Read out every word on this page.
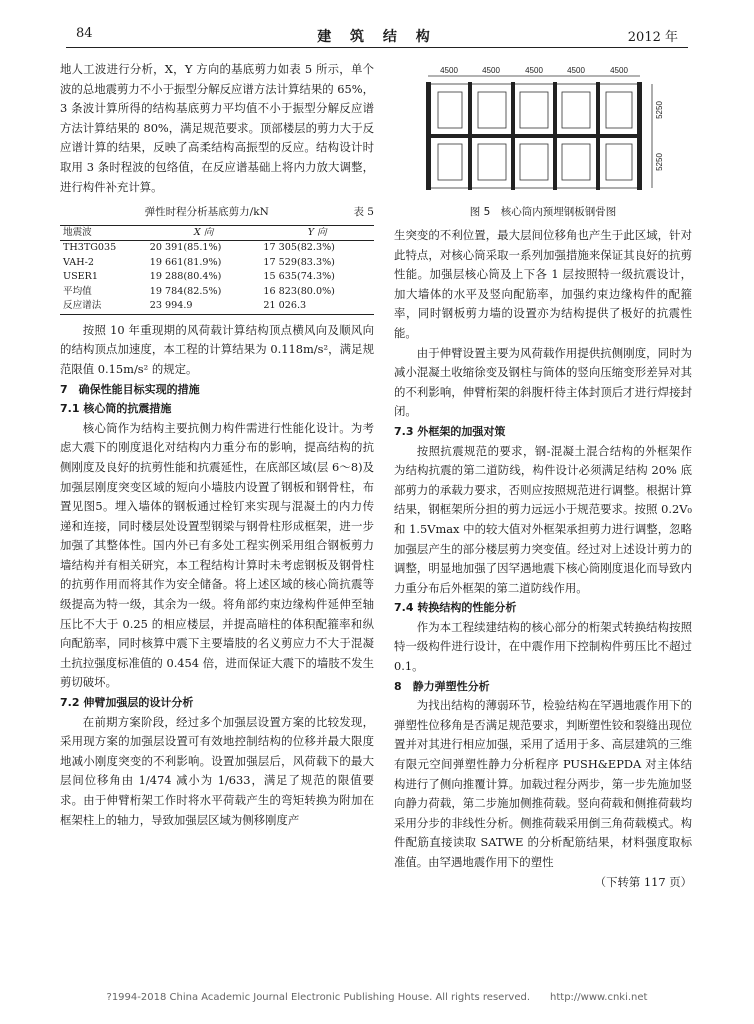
84	建 筑 结 构	2012 年

地人工波进行分析，X，Y 方向的基底剪力如表 5 所示，单个波的总地震剪力不小于振型分解反应谱方法计算结果的 65%，3 条波计算所得的结构基底剪力平均值不小于振型分解反应谱方法计算结果的 80%，满足规范要求。顶部楼层的剪力大于反应谱计算的结果，反映了高柔结构高振型的反应。结构设计时取用 3 条时程波的包络值，在反应谱基础上将内力放大调整，进行构件补充计算。

弹性时程分析基底剪力/kN	表 5
地震波	X 向	Y 向
TH3TG035	20 391(85.1%)	17 305(82.3%)
VAH-2	19 661(81.9%)	17 529(83.3%)
USER1	19 288(80.4%)	15 635(74.3%)
平均值	19 784(82.5%)	16 823(80.0%)
反应谱法	23 994.9	21 026.3

按照 10 年重现期的风荷载计算结构顶点横风向及顺风向的结构顶点加速度，本工程的计算结果为 0.118m/s²，满足规范限值 0.15m/s² 的规定。

7　确保性能目标实现的措施

7.1 核心筒的抗震措施

核心筒作为结构主要抗侧力构件需进行性能化设计。为考虑大震下的刚度退化对结构内力重分布的影响，提高结构的抗侧刚度及良好的抗剪性能和抗震延性，在底部区域(层 6～8)及加强层刚度突变区域的短向小墙肢内设置了钢板和钢骨柱，布置见图5。埋入墙体的钢板通过栓钉来实现与混凝土的内力传递和连接，同时楼层处设置型钢梁与钢骨柱形成框架，进一步加强了其整体性。国内外已有多处工程实例采用组合钢板剪力墙结构并有相关研究，本工程结构计算时未考虑钢板及钢骨柱的抗剪作用而将其作为安全储备。将上述区域的核心筒抗震等级提高为特一级，其余为一级。将角部约束边缘构件延伸至轴压比不大于 0.25 的相应楼层，并提高暗柱的体积配箍率和纵向配筋率，同时核算中震下主要墙肢的名义剪应力不大于混凝土抗拉强度标准值的 0.454 倍，进而保证大震下的墙肢不发生剪切破坏。

7.2 伸臂加强层的设计分析

在前期方案阶段，经过多个加强层设置方案的比较发现，采用现方案的加强层设置可有效地控制结构的位移并最大限度地减小刚度突变的不利影响。设置加强层后，风荷载下的最大层间位移角由 1/474 减小为 1/633，满足了规范的限值要求。由于伸臂桁架工作时将水平荷载产生的弯矩转换为附加在框架柱上的轴力，导致加强层区域为侧移刚度产

4500	4500	4500	4500	4500
5250
5250
图 5　核心筒内预埋钢板钢骨图

生突变的不利位置，最大层间位移角也产生于此区域，针对此特点，对核心筒采取一系列加强措施来保证其良好的抗剪性能。加强层核心筒及上下各 1 层按照特一级抗震设计，加大墙体的水平及竖向配筋率，加强约束边缘构件的配箍率，同时钢板剪力墙的设置亦为结构提供了极好的抗震性能。

由于伸臂设置主要为风荷载作用提供抗侧刚度，同时为减小混凝土收缩徐变及钢柱与筒体的竖向压缩变形差异对其的不利影响，伸臂桁架的斜腹杆待主体封顶后才进行焊接封闭。

7.3 外框架的加强对策

按照抗震规范的要求，钢-混凝土混合结构的外框架作为结构抗震的第二道防线，构件设计必须满足结构 20% 底部剪力的承载力要求，否则应按照规范进行调整。根据计算结果，钢框架所分担的剪力远远小于规范要求。按照 0.2V₀ 和 1.5Vmax 中的较大值对外框架承担剪力进行调整，忽略加强层产生的部分楼层剪力突变值。经过对上述设计剪力的调整，明显地加强了因罕遇地震下核心筒刚度退化而导致内力重分布后外框架的第二道防线作用。

7.4 转换结构的性能分析

作为本工程续建结构的核心部分的桁架式转换结构按照特一级构件进行设计，在中震作用下控制构件剪压比不超过 0.1。

8　静力弹塑性分析

为找出结构的薄弱环节，检验结构在罕遇地震作用下的弹塑性位移角是否满足规范要求，判断塑性铰和裂缝出现位置并对其进行相应加强，采用了适用于多、高层建筑的三维有限元空间弹塑性静力分析程序 PUSH&EPDA 对主体结构进行了侧向推覆计算。加载过程分两步，第一步先施加竖向静力荷载，第二步施加侧推荷载。竖向荷载和侧推荷载均采用分步的非线性分析。侧推荷载采用倒三角荷载模式。构件配筋直接读取 SATWE 的分析配筋结果，材料强度取标准值。由罕遇地震作用下的塑性

（下转第 117 页）

?1994-2018 China Academic Journal Electronic Publishing House. All rights reserved.　　http://www.cnki.net
